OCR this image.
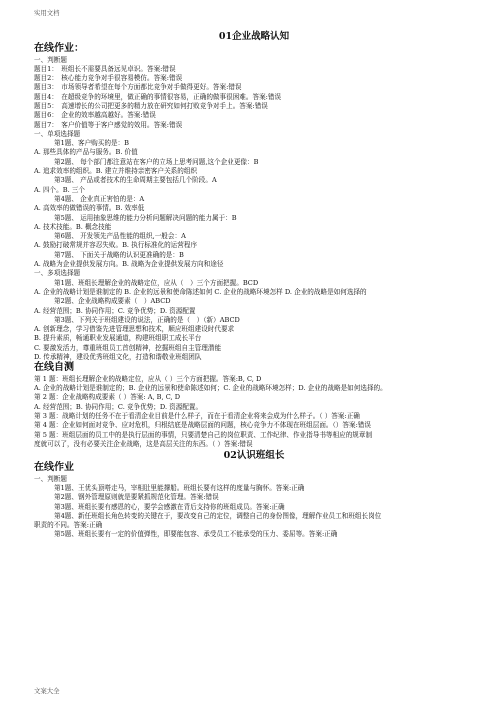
实用文档
01企业战略认知
在线作业：
一、判断题
题目1：　班组长不需要具备远见卓识。答案:错误
题目2：　核心能力竞争对手很容易模仿。答案:错误
题目3：　市场领导者希望在每个方面都比竞争对手做得更好。答案:错误
题目4：　在超级竞争的环境里，做正确的事情很容易，正确的做事很困难。答案:错误
题目5：　高速增长的公司把更多的精力放在研究如何打败竞争对手上。答案:错误
题目6：　企业的效率越高越好。答案:错误
题目7：　客户价值等于客户感觉的效用。答案:错误
一、单项选择题
第1题、客户购买的是：B
A. 那些具体的产品与服务。B. 价值
第2题、 每个部门都注意站在客户的立场上思考问题,这个企业更像：B
A. 追求效率的组织。B. 建立并维持亲密客户关系的组织
第3题、 产品或者技术的生命周期主要包括几个阶段。A
A. 四个。B. 三个
第4题、 企业真正害怕的是：A
A. 高效率的做错误的事情。B. 效率低
第5题、 运用抽象思维的能力分析问题解决问题的能力属于：B
A. 技术技能。B. 概念技能
第6题、 开发领先产品性能的组织,一般会：A
A. 鼓励打破常规并容忍失败。B. 执行标准化的运营程序
第7题、 下面关于战略的认识更准确的是：B
A. 战略为企业提供发展方向。B. 战略为企业提供发展方向和途径
一、多项选择题
第1题、班组长理解企业的战略定位，应从（　）三个方面把握。BCD
A. 企业的战略计划是谁制定的 B. 企业的远景和使命陈述如何 C. 企业的战略环境怎样 D. 企业的战略是如何选择的
第2题、企业战略构成要素（　）ABCD
A. 经营范围；B. 协同作用；C. 竞争优势；D. 资源配置
第3题、下列关于班组建设的说法，正确的是（　）（新）ABCD
A. 创新理念，学习借鉴先进管理思想和技术，顺应班组建设时代要求
B. 提升素质，畅通职业发展通道，构建班组职工成长平台
C. 要激发活力，尊重班组员工首创精神，挖掘班组自主管理潜能
D. 传承精神，建设优秀班组文化，打造和谐敬业班组团队
在线自测
第 1 题：班组长理解企业的战略定位，应从（ ）三个方面把握。答案:B, C, D
A. 企业的战略计划是谁制定的；B. 企业的远景和使命陈述如何；C. 企业的战略环境怎样；D. 企业的战略是如何选择的。
第 2 题：企业战略构成要素（ ）答案: A, B, C, D
A. 经营范围；B. 协同作用；C. 竞争优势；D. 资源配置。
第 3 题：战略计划的任务不在于看清企业目前是什么样子，而在于看清企业将来会成为什么样子。（ ）答案:正确
第 4 题：企业如何面对竞争、应对危机，归根结底是战略层面的问题，核心竞争力不体现在班组层面。（）答案:错误
第 5 题：班组层面的员工中的是执行层面的事情，只要清楚自己的岗位职责、工作纪律、作业指导书等相应的规章制
度就可以了，没有必要关注企业战略，这是高层关注的东西。（ ）答案:错误
02认识班组长
在线作业
一、判断题
第1题、王优头顶嗒走马，宰相肚里能撑船。班组长要有这样的度量与胸怀。答案:正确
第2题、钢外管理原则就是要紧抓规范化管理。答案:错误
第3题、班组长要有感恩的心，要学会感激在背后支持你的班组成员。答案:正确
第4题、新任班组长角色转变的关键在于，要改变自己的定位，调整自己的身份图像，理解作业员工和班组长岗位
职责的不同。答案:正确
第5题、班组长要有一定的价值弹性，即要能包容、承受员工不能承受的压力、委屈等。答案:正确
文案大全
